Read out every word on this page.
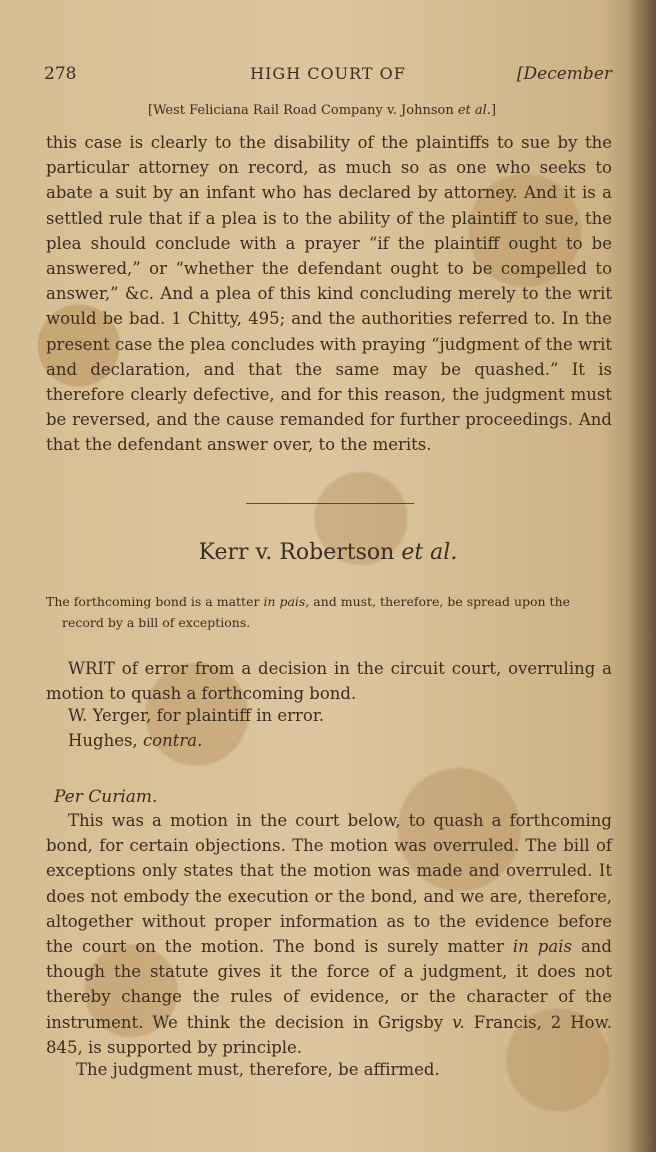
278	HIGH COURT OF	[December
[West Feliciana Rail Road Company v. Johnson et al.]
this case is clearly to the disability of the plaintiffs to sue by the particular attorney on record, as much so as one who seeks to abate a suit by an infant who has declared by attorney. And it is a settled rule that if a plea is to the ability of the plaintiff to sue, the plea should conclude with a prayer “if the plaintiff ought to be answered,” or “whether the defendant ought to be compelled to answer,” &c. And a plea of this kind concluding merely to the writ would be bad. 1 Chitty, 495; and the authorities referred to. In the present case the plea concludes with praying “judgment of the writ and declaration, and that the same may be quashed.” It is therefore clearly defective, and for this reason, the judgment must be reversed, and the cause remanded for further proceedings. And that the defendant answer over, to the merits.
Kerr v. Robertson et al.
The forthcoming bond is a matter in pais, and must, therefore, be spread upon the
record by a bill of exceptions.
WRIT of error from a decision in the circuit court, overruling a motion to quash a forthcoming bond.
W. Yerger, for plaintiff in error.
Hughes, contra.
Per Curiam.
This was a motion in the court below, to quash a forthcoming bond, for certain objections. The motion was overruled. The bill of exceptions only states that the motion was made and overruled. It does not embody the execution or the bond, and we are, therefore, altogether without proper information as to the evidence before the court on the motion. The bond is surely matter in pais and though the statute gives it the force of a judgment, it does not thereby change the rules of evidence, or the character of the instrument. We think the decision in Grigsby v. Francis, 2 How. 845, is supported by principle.
The judgment must, therefore, be affirmed.
